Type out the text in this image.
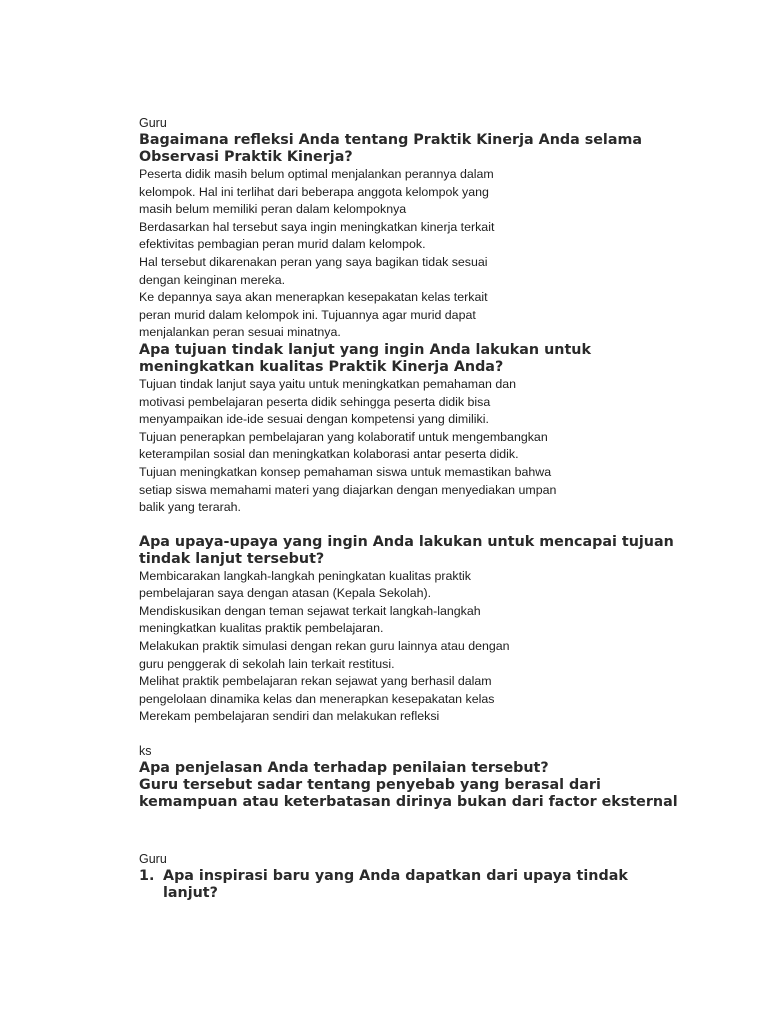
Guru

Bagaimana refleksi Anda tentang Praktik Kinerja Anda selama

Observasi Praktik Kinerja?

Peserta didik masih belum optimal menjalankan perannya dalam

kelompok. Hal ini terlihat dari beberapa anggota kelompok yang

masih belum memiliki peran dalam kelompoknya

Berdasarkan hal tersebut saya ingin meningkatkan kinerja terkait

efektivitas pembagian peran murid dalam kelompok.

Hal tersebut dikarenakan peran yang saya bagikan tidak sesuai

dengan keinginan mereka.

Ke depannya saya akan menerapkan kesepakatan kelas terkait

peran murid dalam kelompok ini. Tujuannya agar murid dapat

menjalankan peran sesuai minatnya.

Apa tujuan tindak lanjut yang ingin Anda lakukan untuk

meningkatkan kualitas Praktik Kinerja Anda?

Tujuan tindak lanjut saya yaitu untuk meningkatkan pemahaman dan

motivasi pembelajaran peserta didik sehingga peserta didik bisa

menyampaikan ide-ide sesuai dengan kompetensi yang dimiliki.

Tujuan penerapkan pembelajaran yang kolaboratif untuk mengembangkan

keterampilan sosial dan meningkatkan kolaborasi antar peserta didik.

Tujuan meningkatkan konsep pemahaman siswa untuk memastikan bahwa

setiap siswa memahami materi yang diajarkan dengan menyediakan umpan

balik yang terarah.

Apa upaya-upaya yang ingin Anda lakukan untuk mencapai tujuan

tindak lanjut tersebut?

Membicarakan langkah-langkah peningkatan kualitas praktik

pembelajaran saya dengan atasan (Kepala Sekolah).

Mendiskusikan dengan teman sejawat terkait langkah-langkah

meningkatkan kualitas praktik pembelajaran.

Melakukan praktik simulasi dengan rekan guru lainnya atau dengan

guru penggerak di sekolah lain terkait restitusi.

Melihat praktik pembelajaran rekan sejawat yang berhasil dalam

pengelolaan dinamika kelas dan menerapkan kesepakatan kelas

Merekam pembelajaran sendiri dan melakukan refleksi

ks

Apa penjelasan Anda terhadap penilaian tersebut?

Guru tersebut sadar tentang penyebab yang berasal dari

kemampuan atau keterbatasan dirinya bukan dari factor eksternal

Guru

1. Apa inspirasi baru yang Anda dapatkan dari upaya tindak
lanjut?
